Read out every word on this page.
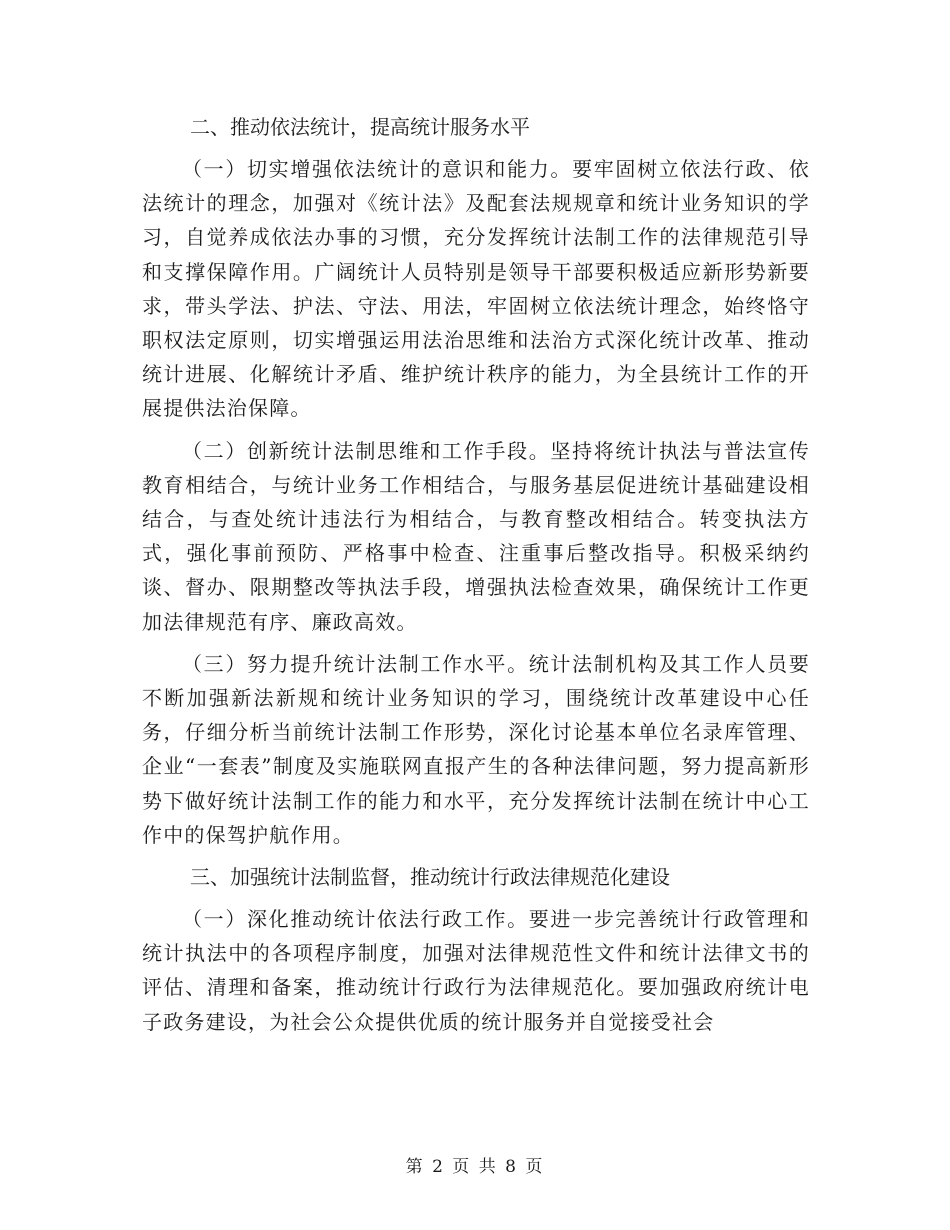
二、推动依法统计，提高统计服务水平

（一）切实增强依法统计的意识和能力。要牢固树立依法行政、依法统计的理念，加强对《统计法》及配套法规规章和统计业务知识的学习，自觉养成依法办事的习惯，充分发挥统计法制工作的法律规范引导和支撑保障作用。广阔统计人员特别是领导干部要积极适应新形势新要求，带头学法、护法、守法、用法，牢固树立依法统计理念，始终恪守职权法定原则，切实增强运用法治思维和法治方式深化统计改革、推动统计进展、化解统计矛盾、维护统计秩序的能力，为全县统计工作的开展提供法治保障。

（二）创新统计法制思维和工作手段。坚持将统计执法与普法宣传教育相结合，与统计业务工作相结合，与服务基层促进统计基础建设相结合，与查处统计违法行为相结合，与教育整改相结合。转变执法方式，强化事前预防、严格事中检查、注重事后整改指导。积极采纳约谈、督办、限期整改等执法手段，增强执法检查效果，确保统计工作更加法律规范有序、廉政高效。

（三）努力提升统计法制工作水平。统计法制机构及其工作人员要不断加强新法新规和统计业务知识的学习，围绕统计改革建设中心任务，仔细分析当前统计法制工作形势，深化讨论基本单位名录库管理、企业“一套表”制度及实施联网直报产生的各种法律问题，努力提高新形势下做好统计法制工作的能力和水平，充分发挥统计法制在统计中心工作中的保驾护航作用。

三、加强统计法制监督，推动统计行政法律规范化建设

（一）深化推动统计依法行政工作。要进一步完善统计行政管理和统计执法中的各项程序制度，加强对法律规范性文件和统计法律文书的评估、清理和备案，推动统计行政行为法律规范化。要加强政府统计电子政务建设，为社会公众提供优质的统计服务并自觉接受社会

第 2 页 共 8 页
